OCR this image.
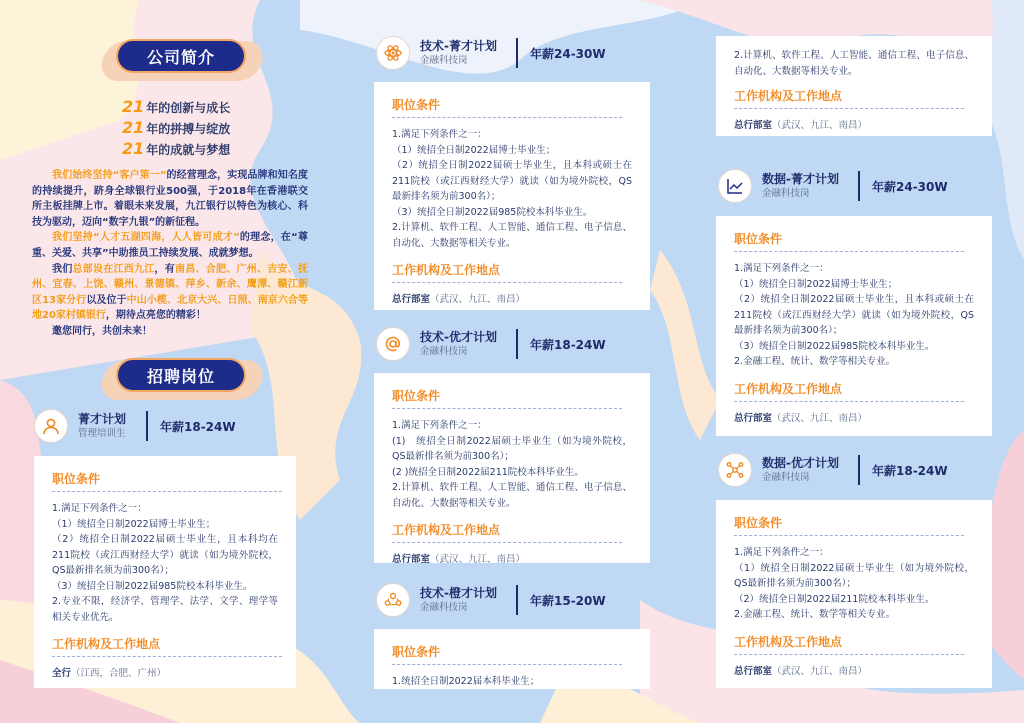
公司简介
21 年的创新与成长
21 年的拼搏与绽放
21 年的成就与梦想

我们始终坚持“客户第一”的经营理念，实现品牌和知名度的持续提升，跻身全球银行业500强，于2018年在香港联交所主板挂牌上市。着眼未来发展，九江银行以特色为核心、科技为驱动，迈向“数字九银”的新征程。

我们坚持“人才五湖四海，人人皆可成才”的理念，在“尊重、关爱、共享”中助推员工持续发展、成就梦想。

我们总部设在江西九江，有南昌、合肥、广州、吉安、抚州、宜春、上饶、赣州、景德镇、萍乡、新余、鹰潭、赣江新区13家分行以及位于中山小榄、北京大兴、日照、南京六合等地20家村镇银行，期待点亮您的精彩！

邀您同行，共创未来！

招聘岗位
菁才计划
管理培训生	年薪18-24W
职位条件
1.满足下列条件之一：
（1）统招全日制2022届博士毕业生；
（2）统招全日制2022届硕士毕业生，且本科均在211院校（或江西财经大学）就读（如为境外院校，QS最新排名须为前300名）；
（3）统招全日制2022届985院校本科毕业生。
2.专业不限，经济学、管理学、法学、文学、理学等相关专业优先。
工作机构及工作地点
全行（江西，合肥、广州）
技术-菁才计划
金融科技岗	年薪24-30W
职位条件
1.满足下列条件之一：
（1）统招全日制2022届博士毕业生；
（2）统招全日制2022届硕士毕业生，且本科或硕士在211院校（或江西财经大学）就读（如为境外院校，QS最新排名须为前300名）；
（3）统招全日制2022届985院校本科毕业生。
2.计算机、软件工程、人工智能、通信工程、电子信息、自动化、大数据等相关专业。
工作机构及工作地点
总行部室（武汉、九江、南昌）
技术-优才计划
金融科技岗	年薪18-24W
职位条件
1.满足下列条件之一：
(1)　统招全日制2022届硕士毕业生（如为境外院校，QS最新排名须为前300名）；
(2 )统招全日制2022届211院校本科毕业生。
2.计算机、软件工程、人工智能、通信工程、电子信息、自动化、大数据等相关专业。
工作机构及工作地点
总行部室（武汉、九江、南昌）
技术-橙才计划
金融科技岗	年薪15-20W
职位条件
1.统招全日制2022届本科毕业生；
2.计算机、软件工程、人工智能、通信工程、电子信息、自动化、大数据等相关专业。
工作机构及工作地点
总行部室（武汉、九江、南昌）
数据-菁才计划
金融科技岗	年薪24-30W
职位条件
1.满足下列条件之一：
（1）统招全日制2022届博士毕业生；
（2）统招全日制2022届硕士毕业生，且本科或硕士在211院校（或江西财经大学）就读（如为境外院校，QS最新排名须为前300名）；
（3）统招全日制2022届985院校本科毕业生。
2.金融工程、统计、数学等相关专业。
工作机构及工作地点
总行部室（武汉、九江、南昌）
数据-优才计划
金融科技岗	年薪18-24W
职位条件
1.满足下列条件之一：
（1）统招全日制2022届硕士毕业生（如为境外院校，QS最新排名须为前300名）；
（2）统招全日制2022届211院校本科毕业生。
2.金融工程、统计、数学等相关专业。
工作机构及工作地点
总行部室（武汉、九江、南昌）
